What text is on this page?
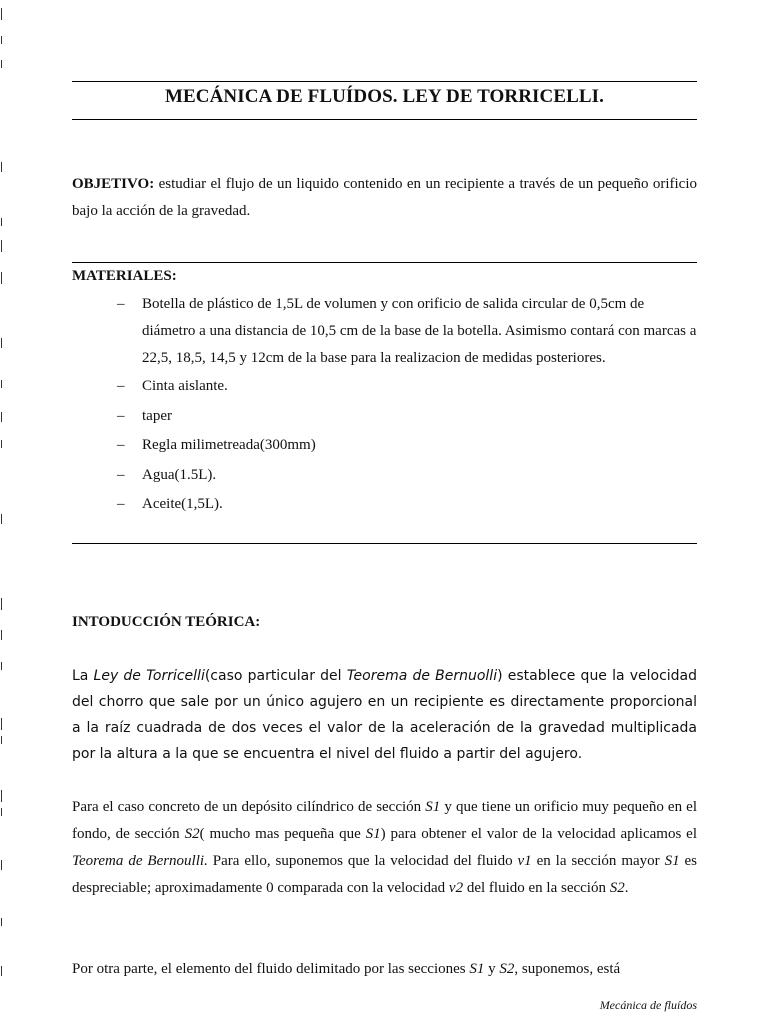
MECÁNICA DE FLUÍDOS. LEY DE TORRICELLI.

OBJETIVO: estudiar el flujo de un liquido contenido en un recipiente a través de un pequeño orificio bajo la acción de la gravedad.

MATERIALES:

– Botella de plástico de 1,5L de volumen y con orificio de salida circular de 0,5cm de diámetro a una distancia de 10,5 cm de la base de la botella. Asimismo contará con marcas a 22,5, 18,5, 14,5 y 12cm de la base para la realizacion de medidas posteriores.
– Cinta aislante.
– taper
– Regla milimetreada(300mm)
– Agua(1.5L).
– Aceite(1,5L).

INTODUCCIÓN TEÓRICA:

La Ley de Torricelli(caso particular del Teorema de Bernuolli) establece que la velocidad del chorro que sale por un único agujero en un recipiente es directamente proporcional a la raíz cuadrada de dos veces el valor de la aceleración de la gravedad multiplicada por la altura a la que se encuentra el nivel del fluido a partir del agujero.

Para el caso concreto de un depósito cilíndrico de sección S1 y que tiene un orificio muy pequeño en el fondo, de sección S2( mucho mas pequeña que S1) para obtener el valor de la velocidad aplicamos el Teorema de Bernoulli. Para ello, suponemos que la velocidad del fluido v1 en la sección mayor S1 es despreciable; aproximadamente 0 comparada con la velocidad v2 del fluido en la sección S2.

Por otra parte, el elemento del fluido delimitado por las secciones S1 y S2, suponemos, está

Mecánica de fluídos
